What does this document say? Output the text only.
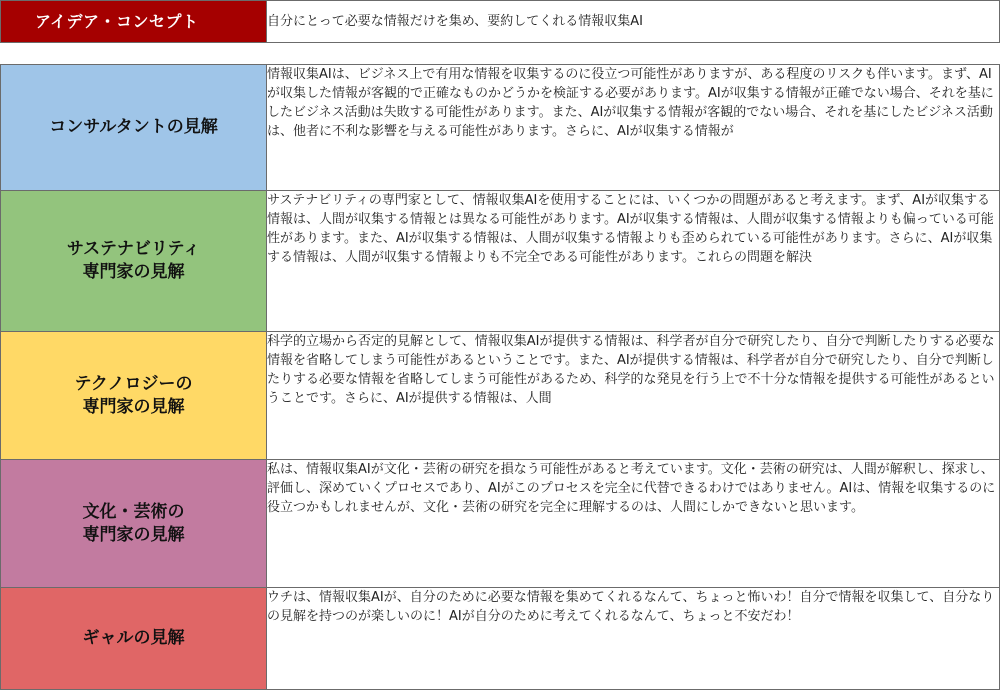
アイデア・コンセプト	自分にとって必要な情報だけを集め、要約してくれる情報収集AI

コンサルタントの見解	情報収集AIは、ビジネス上で有用な情報を収集するのに役立つ可能性がありますが、ある程度のリスクも伴います。まず、AIが収集した情報が客観的で正確なものかどうかを検証する必要があります。AIが収集する情報が正確でない場合、それを基にしたビジネス活動は失敗する可能性があります。また、AIが収集する情報が客観的でない場合、それを基にしたビジネス活動は、他者に不利な影響を与える可能性があります。さらに、AIが収集する情報が

サステナビリティ
専門家の見解	サステナビリティの専門家として、情報収集AIを使用することには、いくつかの問題があると考えます。まず、AIが収集する情報は、人間が収集する情報とは異なる可能性があります。AIが収集する情報は、人間が収集する情報よりも偏っている可能性があります。また、AIが収集する情報は、人間が収集する情報よりも歪められている可能性があります。さらに、AIが収集する情報は、人間が収集する情報よりも不完全である可能性があります。これらの問題を解決

テクノロジーの
専門家の見解	科学的立場から否定的見解として、情報収集AIが提供する情報は、科学者が自分で研究したり、自分で判断したりする必要な情報を省略してしまう可能性があるということです。また、AIが提供する情報は、科学者が自分で研究したり、自分で判断したりする必要な情報を省略してしまう可能性があるため、科学的な発見を行う上で不十分な情報を提供する可能性があるということです。さらに、AIが提供する情報は、人間

文化・芸術の
専門家の見解	私は、情報収集AIが文化・芸術の研究を損なう可能性があると考えています。文化・芸術の研究は、人間が解釈し、探求し、評価し、深めていくプロセスであり、AIがこのプロセスを完全に代替できるわけではありません。AIは、情報を収集するのに役立つかもしれませんが、文化・芸術の研究を完全に理解するのは、人間にしかできないと思います。

ギャルの見解	ウチは、情報収集AIが、自分のために必要な情報を集めてくれるなんて、ちょっと怖いわ！自分で情報を収集して、自分なりの見解を持つのが楽しいのに！AIが自分のために考えてくれるなんて、ちょっと不安だわ！
